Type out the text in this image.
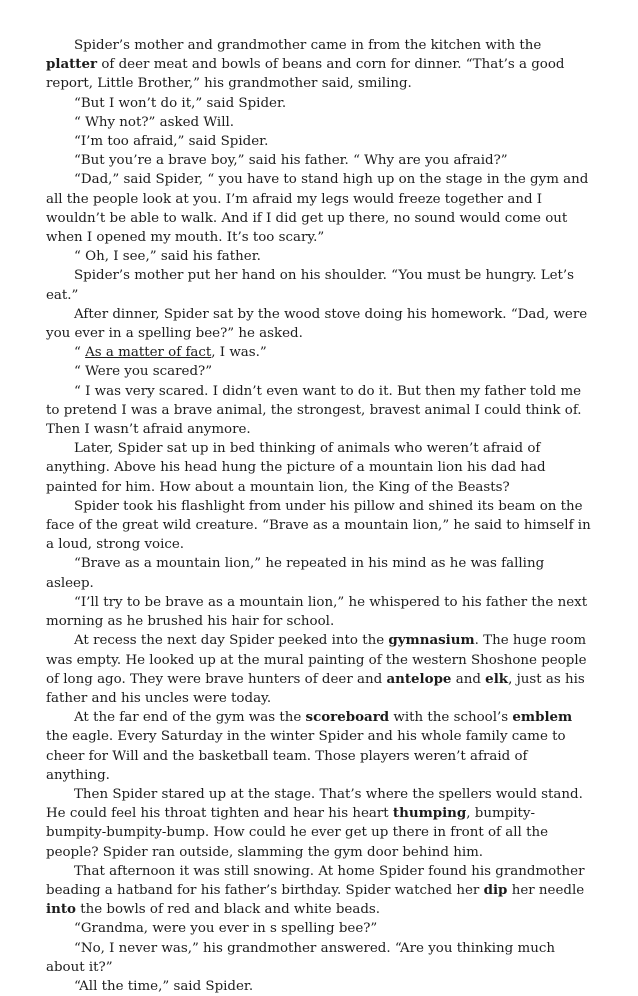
Spider’s mother and grandmother came in from the kitchen with the platter of deer meat and bowls of beans and corn for dinner. “That’s a good report, Little Brother,” his grandmother said, smiling.

“But I won’t do it,” said Spider.

“ Why not?” asked Will.

“I’m too afraid,” said Spider.

“But you’re a brave boy,” said his father. “ Why are you afraid?”

“Dad,” said Spider, “ you have to stand high up on the stage in the gym and all the people look at you. I’m afraid my legs would freeze together and I wouldn’t be able to walk. And if I did get up there, no sound would come out when I opened my mouth. It’s too scary.”

“ Oh, I see,” said his father.

Spider’s mother put her hand on his shoulder. “You must be hungry. Let’s eat.”

After dinner, Spider sat by the wood stove doing his homework. “Dad, were you ever in a spelling bee?” he asked.

“ As a matter of fact, I was.”

“ Were you scared?”

“ I was very scared. I didn’t even want to do it. But then my father told me to pretend I was a brave animal, the strongest, bravest animal I could think of. Then I wasn’t afraid anymore.

Later, Spider sat up in bed thinking of animals who weren’t afraid of anything. Above his head hung the picture of a mountain lion his dad had painted for him. How about a mountain lion, the King of the Beasts?

Spider took his flashlight from under his pillow and shined its beam on the face of the great wild creature. “Brave as a mountain lion,” he said to himself in a loud, strong voice.

“Brave as a mountain lion,” he repeated in his mind as he was falling asleep.

“I’ll try to be brave as a mountain lion,” he whispered to his father the next morning as he brushed his hair for school.

At recess the next day Spider peeked into the gymnasium. The huge room was empty. He looked up at the mural painting of the western Shoshone people of long ago. They were brave hunters of deer and antelope and elk, just as his father and his uncles were today.

At the far end of the gym was the scoreboard with the school’s emblem the eagle. Every Saturday in the winter Spider and his whole family came to cheer for Will and the basketball team. Those players weren’t afraid of anything.

Then Spider stared up at the stage. That’s where the spellers would stand. He could feel his throat tighten and hear his heart thumping, bumpity-bumpity-bumpity-bump. How could he ever get up there in front of all the people? Spider ran outside, slamming the gym door behind him.

That afternoon it was still snowing. At home Spider found his grandmother beading a hatband for his father’s birthday. Spider watched her dip her needle into the bowls of red and black and white beads.

“Grandma, were you ever in s spelling bee?”

“No, I never was,” his grandmother answered. “Are you thinking much about it?”

“All the time,” said Spider.
